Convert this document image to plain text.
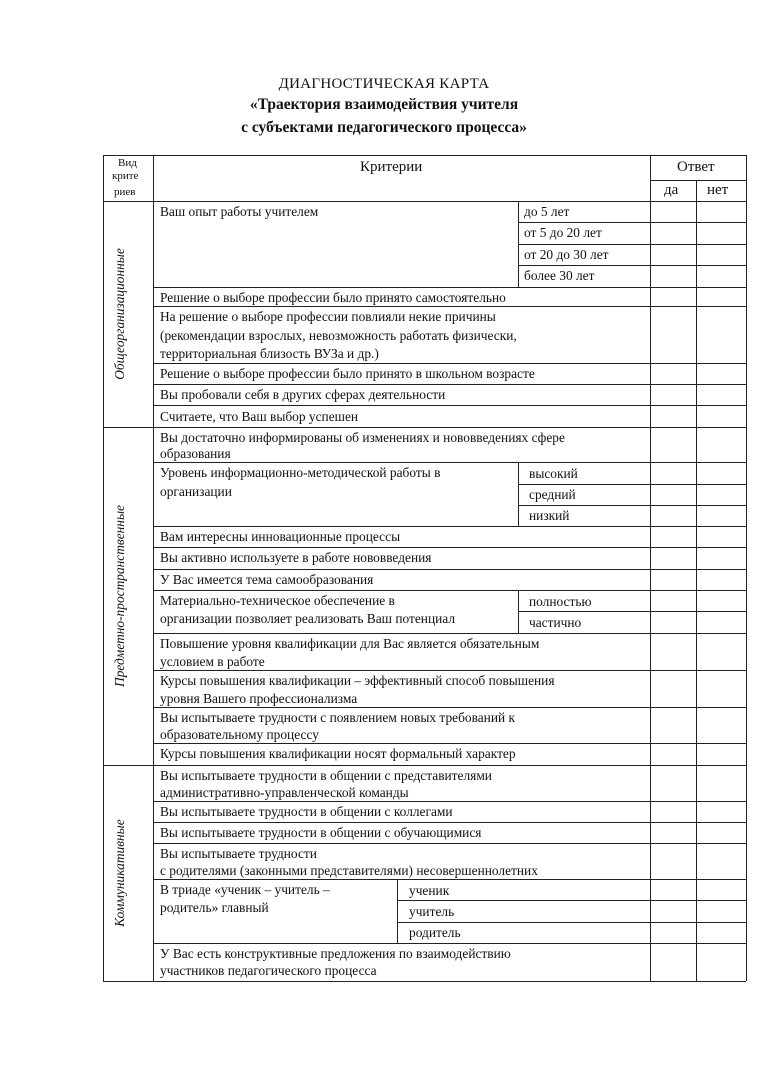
ДИАГНОСТИЧЕСКАЯ КАРТА
«Траектория взаимодействия учителя
с субъектами педагогического процесса»
Вид
крите
риев
Критерии	Ответ
да нет
Общеорганизационные
Предметно-пространственные
Коммуникативные
Ваш опыт работы учителем	до 5 лет
от 5 до 20 лет
от 20 до 30 лет
более 30 лет
Решение о выборе профессии было принято самостоятельно
На решение о выборе профессии повлияли некие причины
(рекомендации взрослых, невозможность работать физически,
территориальная близость ВУЗа и др.)
Решение о выборе профессии было принято в школьном возрасте
Вы пробовали себя в других сферах деятельности
Считаете, что Ваш выбор успешен
Вы достаточно информированы об изменениях и нововведениях сфере
образования
Уровень информационно-методической работы в
организации
высокий
средний
низкий
Вам интересны инновационные процессы
Вы активно используете в работе нововведения
У Вас имеется тема самообразования
Материально-техническое обеспечение в
организации позволяет реализовать Ваш потенциал
полностью
частично
Повышение уровня квалификации для Вас является обязательным
условием в работе
Курсы повышения квалификации – эффективный способ повышения
уровня Вашего профессионализма
Вы испытываете трудности с появлением новых требований к
образовательному процессу
Курсы повышения квалификации носят формальный характер
Вы испытываете трудности в общении с представителями
административно-управленческой команды
Вы испытываете трудности в общении с коллегами
Вы испытываете трудности в общении с обучающимися
Вы испытываете трудности
с родителями (законными представителями) несовершеннолетних
В триаде «ученик – учитель –
родитель» главный
ученик
учитель
родитель
У Вас есть конструктивные предложения по взаимодействию
участников педагогического процесса
